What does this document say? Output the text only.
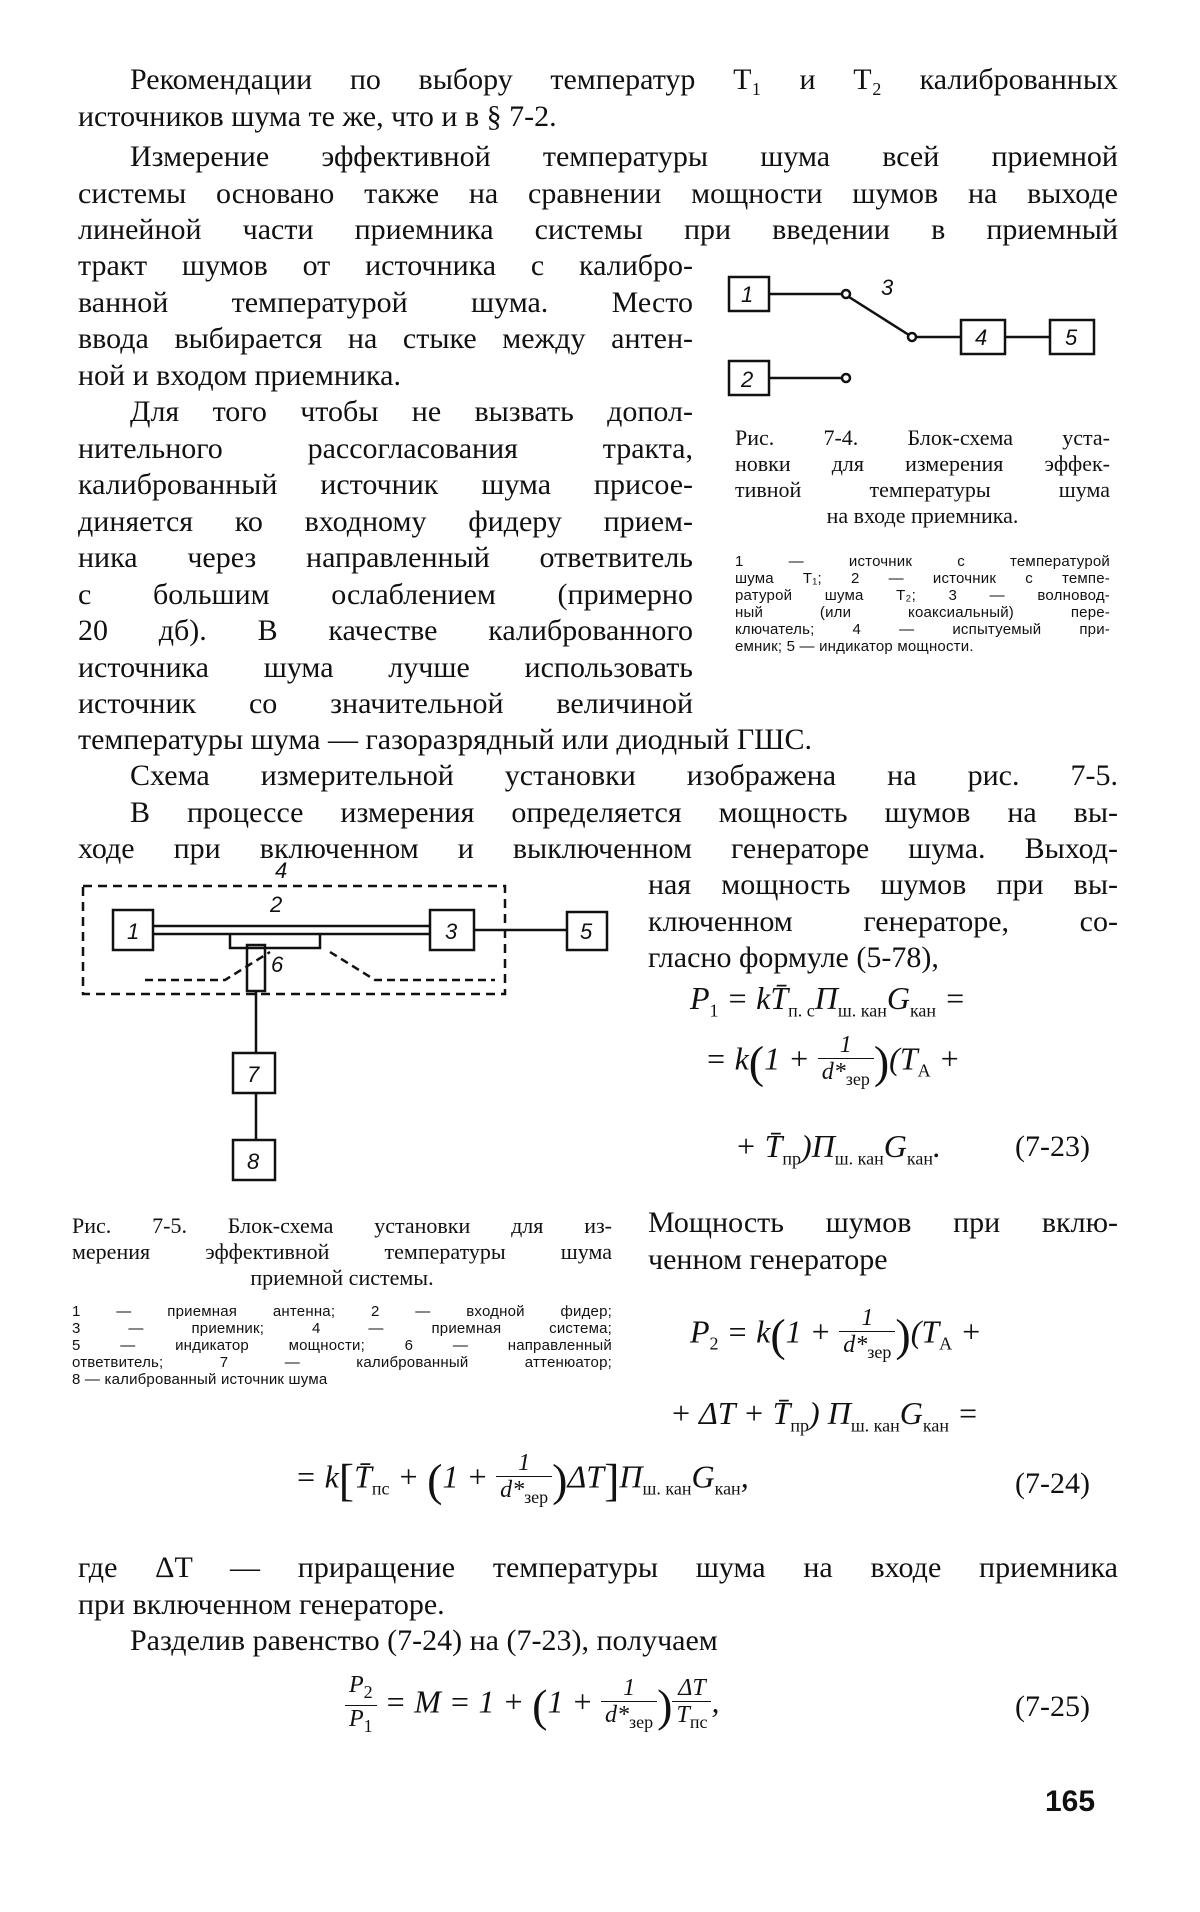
Рекомендации по выбору температур T₁ и T₂ калиброванных
источников шума те же, что и в § 7-2.
Измерение эффективной температуры шума всей приемной
системы основано также на сравнении мощности шумов на выходе
линейной части приемника системы при введении в приемный
тракт шумов от источника с калибро-
ванной температурой шума. Место
ввода выбирается на стыке между антен-
ной и входом приемника.
Для того чтобы не вызвать допол-
нительного рассогласования тракта,
калиброванный источник шума присое-
диняется ко входному фидеру прием-
ника через направленный ответвитель
с большим ослаблением (примерно
20 дб). В качестве калиброванного
источника шума лучше использовать
источник со значительной величиной
температуры шума — газоразрядный или диодный ГШС.
1
2
3
4	5
Рис. 7-4. Блок-схема уста-
новки для измерения эффек-
тивной температуры шума
на входе приемника.
1 — источник с температурой
шума T₁; 2 — источник с темпе-
ратурой шума T₂; 3 — волновод-
ный (или коаксиальный) пере-
ключатель; 4 — испытуемый при-
емник; 5 — индикатор мощности.
Схема измерительной установки изображена на рис. 7-5.
В процессе измерения определяется мощность шумов на вы-
ходе при включенном и выключенном генераторе шума. Выход-
ная мощность шумов при вы-
ключенном генераторе, со-
гласно формуле (5-78),
1
2
3
4
5
6
7
8
Рис. 7-5. Блок-схема установки для из-
мерения эффективной температуры шума
приемной системы.
1 — приемная антенна; 2 — входной фидер;
3 — приемник; 4 — приемная система;
5 — индикатор мощности; 6 — направленный
ответвитель; 7 — калиброванный аттенюатор;
8 — калиброванный источник шума
$P_1$ = $kT̄_{п. с}\Pi_{ш. кан}G_{кан}$ =
= $k(1 + \frac{1}{d*_{зер}} )(T_A$ +
+ $T̄_{пр})\Pi_{ш. кан}G_{кан}$. (7-23)
Мощность шумов при вклю-
ченном генераторе
$P_2 = k(1 + \frac{1}{d*_{зер}} )(T_A$ +
+ $\Delta T + T̄_{пр}$) $\Pi_{ш. кан}G_{кан}$ =
= $k[T̄_{пс} + (1 + \frac{1}{d*_{зер}} )\Delta T]\Pi_{ш. кан}G_{кан}$,	(7-24)
где ΔT — приращение температуры шума на входе приемника
при включенном генераторе.
Разделив равенство (7-24) на (7-23), получаем
$\frac{P_2}{P_1} = M = 1 + (1 + \frac{1}{d*_{зер}}$ ) $\frac{\Delta T}{T_{пс}}$ ,	(7-25)
165
